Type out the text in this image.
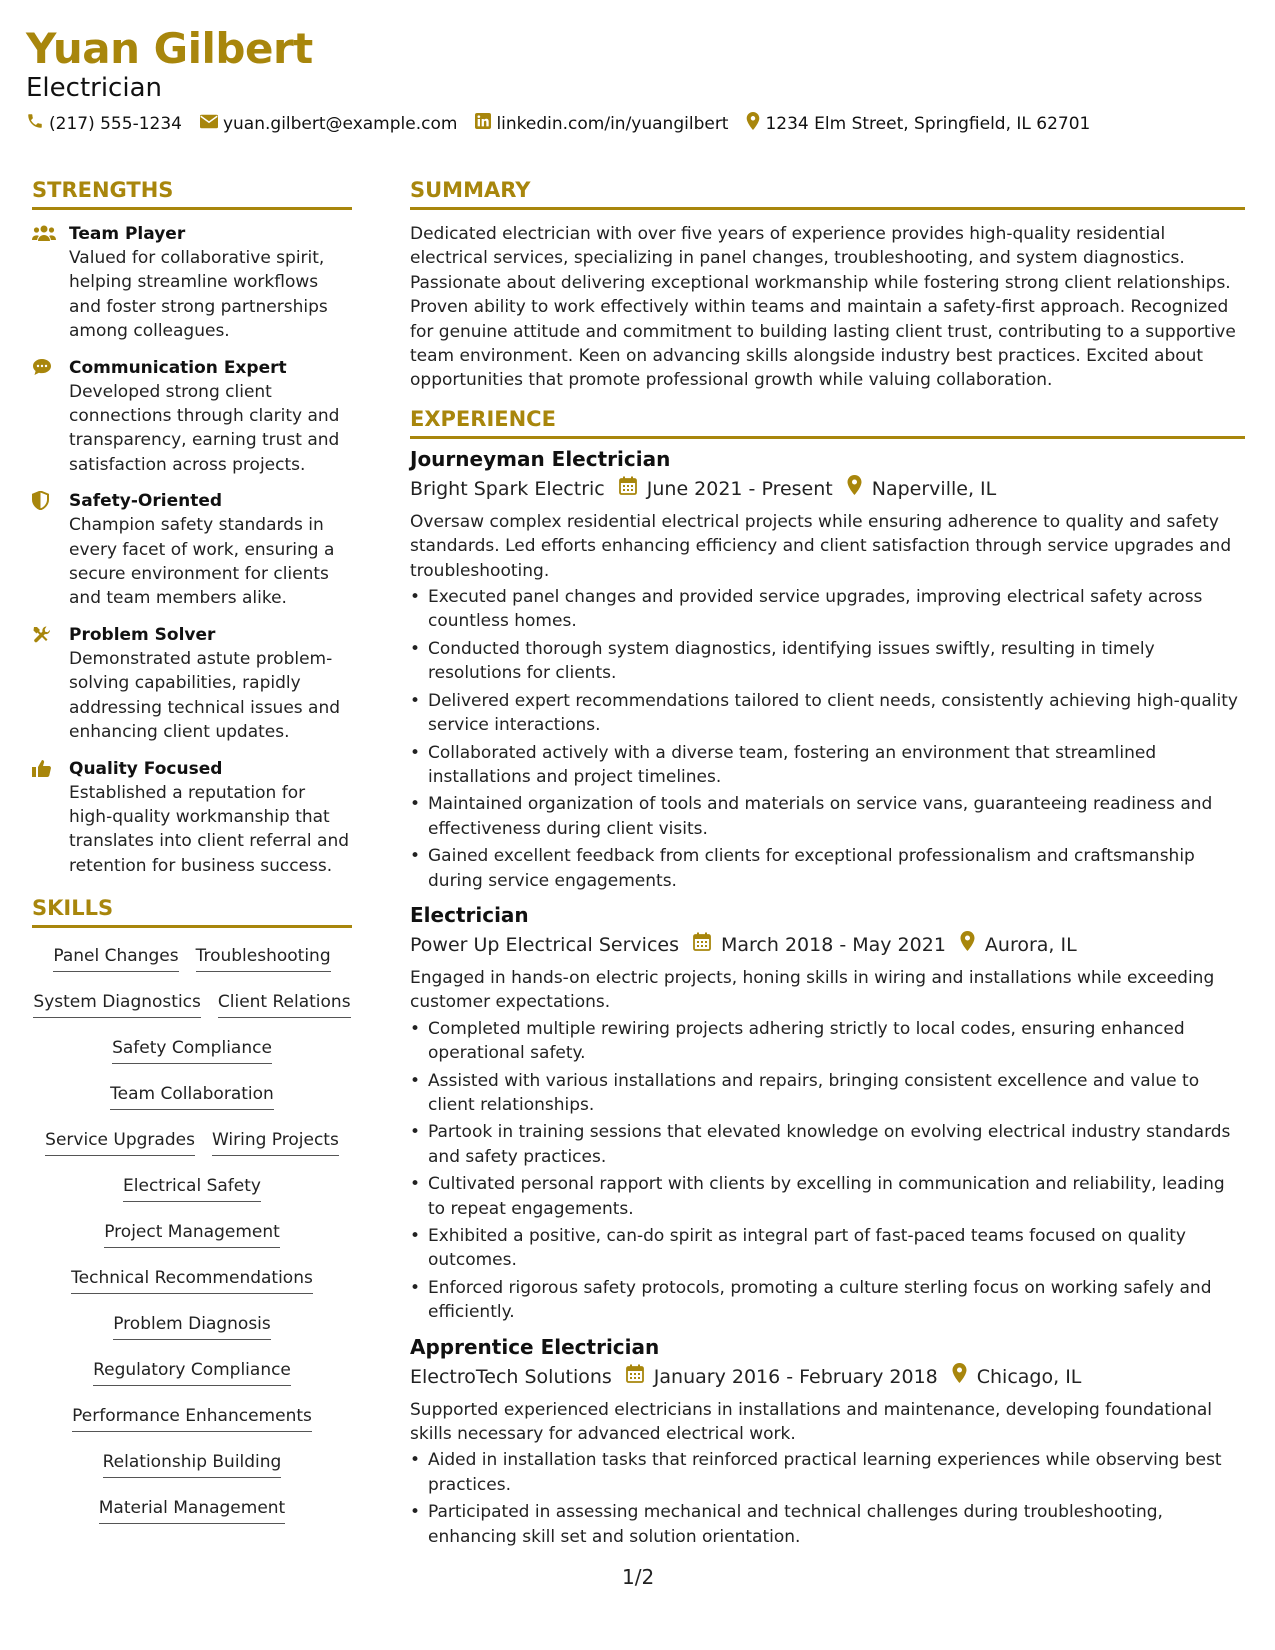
Yuan Gilbert
Electrician
(217) 555-1234 yuan.gilbert@example.com linkedin.com/in/yuangilbert 1234 Elm Street, Springfield, IL 62701
STRENGTHS
Team Player
Valued for collaborative spirit, helping streamline workflows and foster strong partnerships among colleagues.
Communication Expert
Developed strong client connections through clarity and transparency, earning trust and satisfaction across projects.
Safety-Oriented
Champion safety standards in every facet of work, ensuring a secure environment for clients and team members alike.
Problem Solver
Demonstrated astute problem-solving capabilities, rapidly addressing technical issues and enhancing client updates.
Quality Focused
Established a reputation for high-quality workmanship that translates into client referral and retention for business success.
SKILLS
Panel Changes Troubleshooting
System Diagnostics Client Relations
Safety Compliance
Team Collaboration
Service Upgrades Wiring Projects
Electrical Safety
Project Management
Technical Recommendations
Problem Diagnosis
Regulatory Compliance
Performance Enhancements
Relationship Building
Material Management
SUMMARY
Dedicated electrician with over five years of experience provides high-quality residential electrical services, specializing in panel changes, troubleshooting, and system diagnostics. Passionate about delivering exceptional workmanship while fostering strong client relationships. Proven ability to work effectively within teams and maintain a safety-first approach. Recognized for genuine attitude and commitment to building lasting client trust, contributing to a supportive team environment. Keen on advancing skills alongside industry best practices. Excited about opportunities that promote professional growth while valuing collaboration.
EXPERIENCE
Journeyman Electrician
Bright Spark Electric June 2021 - Present Naperville, IL
Oversaw complex residential electrical projects while ensuring adherence to quality and safety standards. Led efforts enhancing efficiency and client satisfaction through service upgrades and troubleshooting.
• Executed panel changes and provided service upgrades, improving electrical safety across countless homes.
• Conducted thorough system diagnostics, identifying issues swiftly, resulting in timely resolutions for clients.
• Delivered expert recommendations tailored to client needs, consistently achieving high-quality service interactions.
• Collaborated actively with a diverse team, fostering an environment that streamlined installations and project timelines.
• Maintained organization of tools and materials on service vans, guaranteeing readiness and effectiveness during client visits.
• Gained excellent feedback from clients for exceptional professionalism and craftsmanship during service engagements.
Electrician
Power Up Electrical Services March 2018 - May 2021 Aurora, IL
Engaged in hands-on electric projects, honing skills in wiring and installations while exceeding customer expectations.
• Completed multiple rewiring projects adhering strictly to local codes, ensuring enhanced operational safety.
• Assisted with various installations and repairs, bringing consistent excellence and value to client relationships.
• Partook in training sessions that elevated knowledge on evolving electrical industry standards and safety practices.
• Cultivated personal rapport with clients by excelling in communication and reliability, leading to repeat engagements.
• Exhibited a positive, can-do spirit as integral part of fast-paced teams focused on quality outcomes.
• Enforced rigorous safety protocols, promoting a culture sterling focus on working safely and efficiently.
Apprentice Electrician
ElectroTech Solutions January 2016 - February 2018 Chicago, IL
Supported experienced electricians in installations and maintenance, developing foundational skills necessary for advanced electrical work.
• Aided in installation tasks that reinforced practical learning experiences while observing best practices.
• Participated in assessing mechanical and technical challenges during troubleshooting, enhancing skill set and solution orientation.
1/2
